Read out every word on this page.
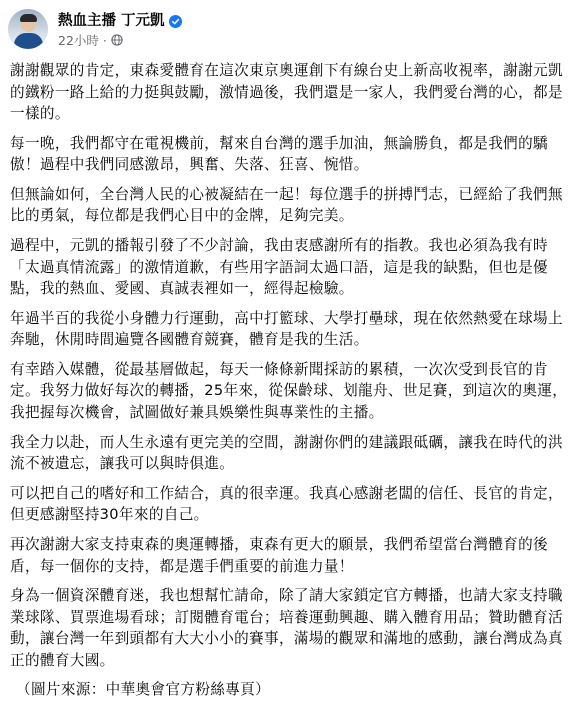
熱血主播 丁元凱
22小時 ·

謝謝觀眾的肯定，東森愛體育在這次東京奧運創下有線台史上新高收視率，謝謝元凱的鐵粉一路上給的力挺與鼓勵，激情過後，我們還是一家人，我們愛台灣的心，都是一樣的。

每一晚，我們都守在電視機前，幫來自台灣的選手加油，無論勝負，都是我們的驕傲！過程中我們同感激昂，興奮、失落、狂喜、惋惜。

但無論如何，全台灣人民的心被凝結在一起！每位選手的拼搏鬥志，已經給了我們無比的勇氣，每位都是我們心目中的金牌，足夠完美。

過程中，元凱的播報引發了不少討論，我由衷感謝所有的指教。我也必須為我有時「太過真情流露」的激情道歉，有些用字語詞太過口語，這是我的缺點，但也是優點，我的熱血、愛國、真誠表裡如一，經得起檢驗。

年過半百的我從小身體力行運動，高中打籃球、大學打壘球，現在依然熱愛在球場上奔馳，休閒時間遍覽各國體育競賽，體育是我的生活。

有幸踏入媒體，從最基層做起，每天一條條新聞採訪的累積，一次次受到長官的肯定。我努力做好每次的轉播，25年來，從保齡球、划龍舟、世足賽，到這次的奧運，我把握每次機會，試圖做好兼具娛樂性與專業性的主播。

我全力以赴，而人生永遠有更完美的空間，謝謝你們的建議跟砥礪，讓我在時代的洪流不被遺忘，讓我可以與時俱進。

可以把自己的嗜好和工作結合，真的很幸運。我真心感謝老闆的信任、長官的肯定，但更感謝堅持30年來的自己。

再次謝謝大家支持東森的奧運轉播，東森有更大的願景，我們希望當台灣體育的後盾，每一個你的支持，都是選手們重要的前進力量！

身為一個資深體育迷，我也想幫忙請命，除了請大家鎖定官方轉播，也請大家支持職業球隊、買票進場看球；訂閱體育電台；培養運動興趣、購入體育用品；贊助體育活動，讓台灣一年到頭都有大大小小的賽事，滿場的觀眾和滿地的感動，讓台灣成為真正的體育大國。

（圖片來源：中華奧會官方粉絲專頁）
